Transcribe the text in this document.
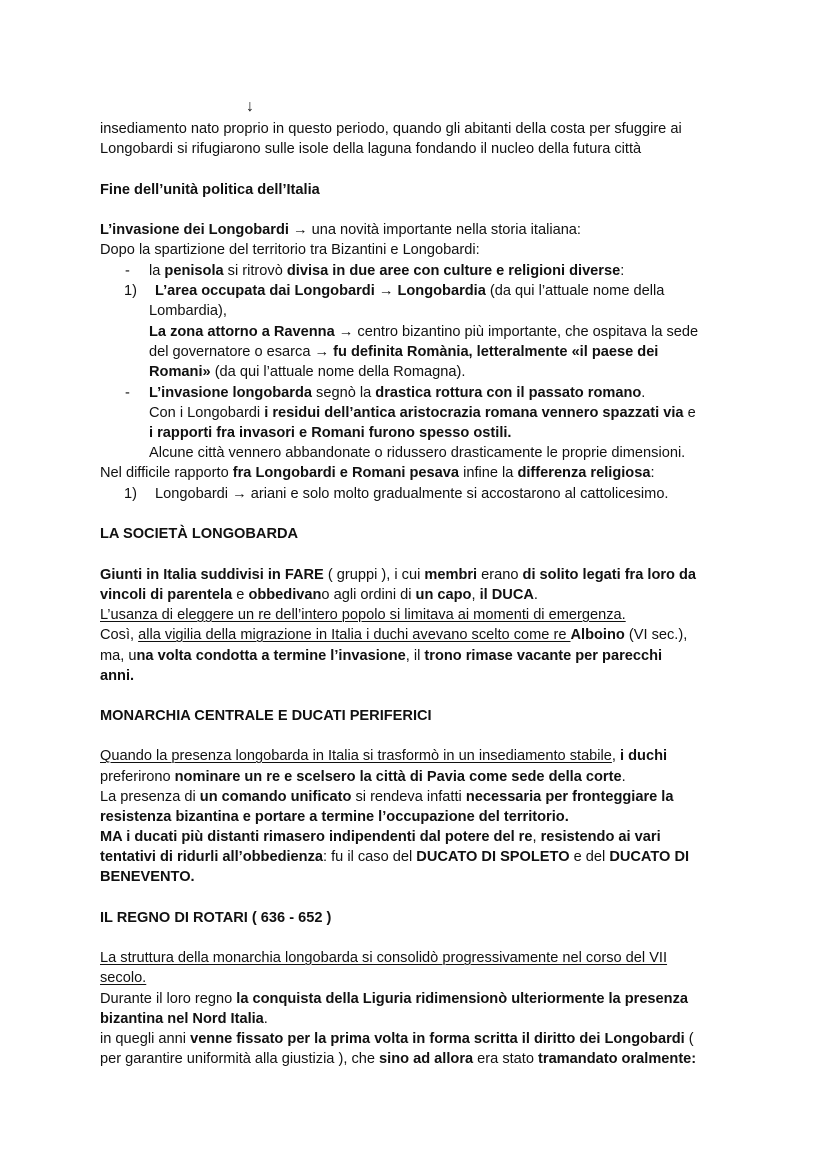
↓
insediamento nato proprio in questo periodo, quando gli abitanti della costa per sfuggire ai
Longobardi si rifugiarono sulle isole della laguna fondando il nucleo della futura città
Fine dell’unità politica dell’Italia
L’invasione dei Longobardi → una novità importante nella storia italiana:
Dopo la spartizione del territorio tra Bizantini e Longobardi:
- la penisola si ritrovò divisa in due aree con culture e religioni diverse:
1) L’area occupata dai Longobardi → Longobardia (da qui l’attuale nome della
Lombardia),
La zona attorno a Ravenna → centro bizantino più importante, che ospitava la sede
del governatore o esarca → fu definita Romània, letteralmente «il paese dei
Romani» (da qui l’attuale nome della Romagna).
- L’invasione longobarda segnò la drastica rottura con il passato romano.
Con i Longobardi i residui dell’antica aristocrazia romana vennero spazzati via e
i rapporti fra invasori e Romani furono spesso ostili.
Alcune città vennero abbandonate o ridussero drasticamente le proprie dimensioni.
Nel difficile rapporto fra Longobardi e Romani pesava infine la differenza religiosa:
1) Longobardi → ariani e solo molto gradualmente si accostarono al cattolicesimo.
LA SOCIETÀ LONGOBARDA
Giunti in Italia suddivisi in FARE ( gruppi ), i cui membri erano di solito legati fra loro da
vincoli di parentela e obbedivano agli ordini di un capo, il DUCA.
L’usanza di eleggere un re dell’intero popolo si limitava ai momenti di emergenza.
Così, alla vigilia della migrazione in Italia i duchi avevano scelto come re Alboino (VI sec.),
ma, una volta condotta a termine l’invasione, il trono rimase vacante per parecchi
anni.
MONARCHIA CENTRALE E DUCATI PERIFERICI
Quando la presenza longobarda in Italia si trasformò in un insediamento stabile, i duchi
preferirono nominare un re e scelsero la città di Pavia come sede della corte.
La presenza di un comando unificato si rendeva infatti necessaria per fronteggiare la
resistenza bizantina e portare a termine l’occupazione del territorio.
MA i ducati più distanti rimasero indipendenti dal potere del re, resistendo ai vari
tentativi di ridurli all’obbedienza: fu il caso del DUCATO DI SPOLETO e del DUCATO DI
BENEVENTO.
IL REGNO DI ROTARI ( 636 - 652 )
La struttura della monarchia longobarda si consolidò progressivamente nel corso del VII
secolo.
Durante il loro regno la conquista della Liguria ridimensionò ulteriormente la presenza
bizantina nel Nord Italia.
in quegli anni venne fissato per la prima volta in forma scritta il diritto dei Longobardi (
per garantire uniformità alla giustizia ), che sino ad allora era stato tramandato oralmente:
